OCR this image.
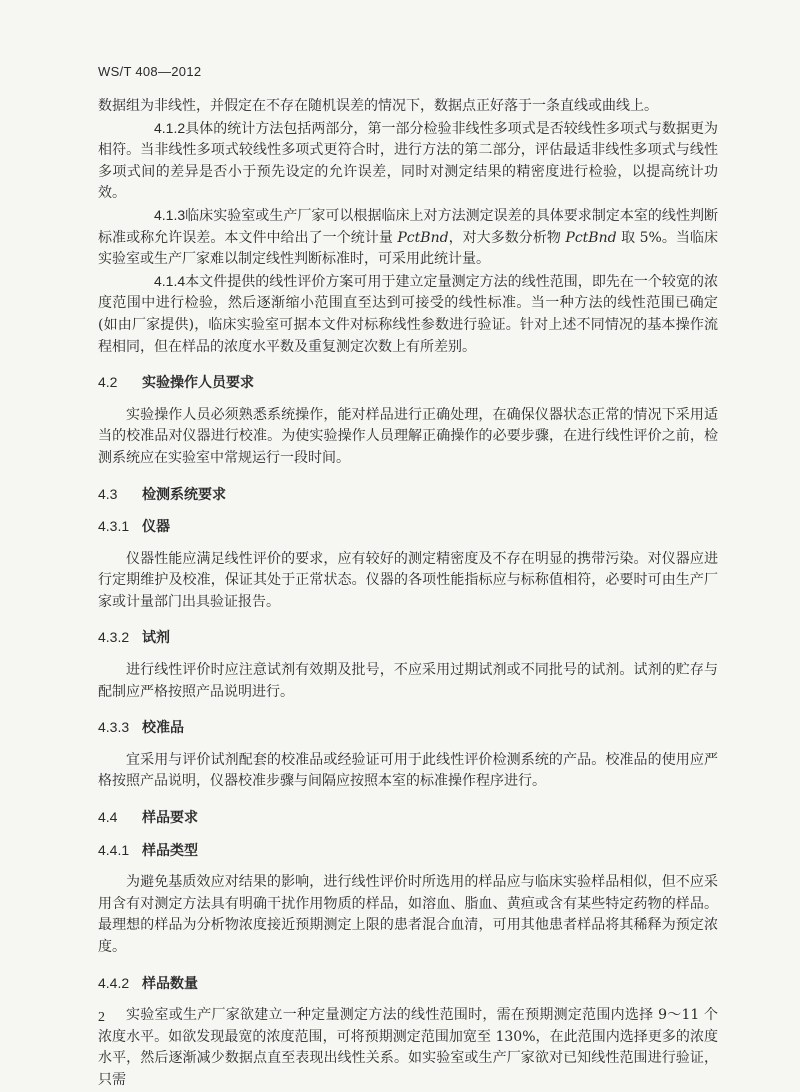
WS/T 408—2012

数据组为非线性，并假定在不存在随机误差的情况下，数据点正好落于一条直线或曲线上。

4.1.2具体的统计方法包括两部分，第一部分检验非线性多项式是否较线性多项式与数据更为相符。当非线性多项式较线性多项式更符合时，进行方法的第二部分，评估最适非线性多项式与线性多项式间的差异是否小于预先设定的允许误差，同时对测定结果的精密度进行检验，以提高统计功效。

4.1.3临床实验室或生产厂家可以根据临床上对方法测定误差的具体要求制定本室的线性判断标准或称允许误差。本文件中给出了一个统计量 PctBnd，对大多数分析物 PctBnd 取 5%。当临床实验室或生产厂家难以制定线性判断标准时，可采用此统计量。

4.1.4本文件提供的线性评价方案可用于建立定量测定方法的线性范围，即先在一个较宽的浓度范围中进行检验，然后逐渐缩小范围直至达到可接受的线性标准。当一种方法的线性范围已确定(如由厂家提供)，临床实验室可据本文件对标称线性参数进行验证。针对上述不同情况的基本操作流程相同，但在样品的浓度水平数及重复测定次数上有所差别。

4.2 实验操作人员要求

实验操作人员必须熟悉系统操作，能对样品进行正确处理，在确保仪器状态正常的情况下采用适当的校准品对仪器进行校准。为使实验操作人员理解正确操作的必要步骤，在进行线性评价之前，检测系统应在实验室中常规运行一段时间。

4.3 检测系统要求
4.3.1 仪器

仪器性能应满足线性评价的要求，应有较好的测定精密度及不存在明显的携带污染。对仪器应进行定期维护及校准，保证其处于正常状态。仪器的各项性能指标应与标称值相符，必要时可由生产厂家或计量部门出具验证报告。

4.3.2 试剂

进行线性评价时应注意试剂有效期及批号，不应采用过期试剂或不同批号的试剂。试剂的贮存与配制应严格按照产品说明进行。

4.3.3 校准品

宜采用与评价试剂配套的校准品或经验证可用于此线性评价检测系统的产品。校准品的使用应严格按照产品说明，仪器校准步骤与间隔应按照本室的标准操作程序进行。

4.4 样品要求
4.4.1 样品类型

为避免基质效应对结果的影响，进行线性评价时所选用的样品应与临床实验样品相似，但不应采用含有对测定方法具有明确干扰作用物质的样品，如溶血、脂血、黄疸或含有某些特定药物的样品。最理想的样品为分析物浓度接近预期测定上限的患者混合血清，可用其他患者样品将其稀释为预定浓度。

4.4.2 样品数量

实验室或生产厂家欲建立一种定量测定方法的线性范围时，需在预期测定范围内选择 9～11 个浓度水平。如欲发现最宽的浓度范围，可将预期测定范围加宽至 130%，在此范围内选择更多的浓度水平，然后逐渐减少数据点直至表现出线性关系。如实验室或生产厂家欲对已知线性范围进行验证，只需

2
